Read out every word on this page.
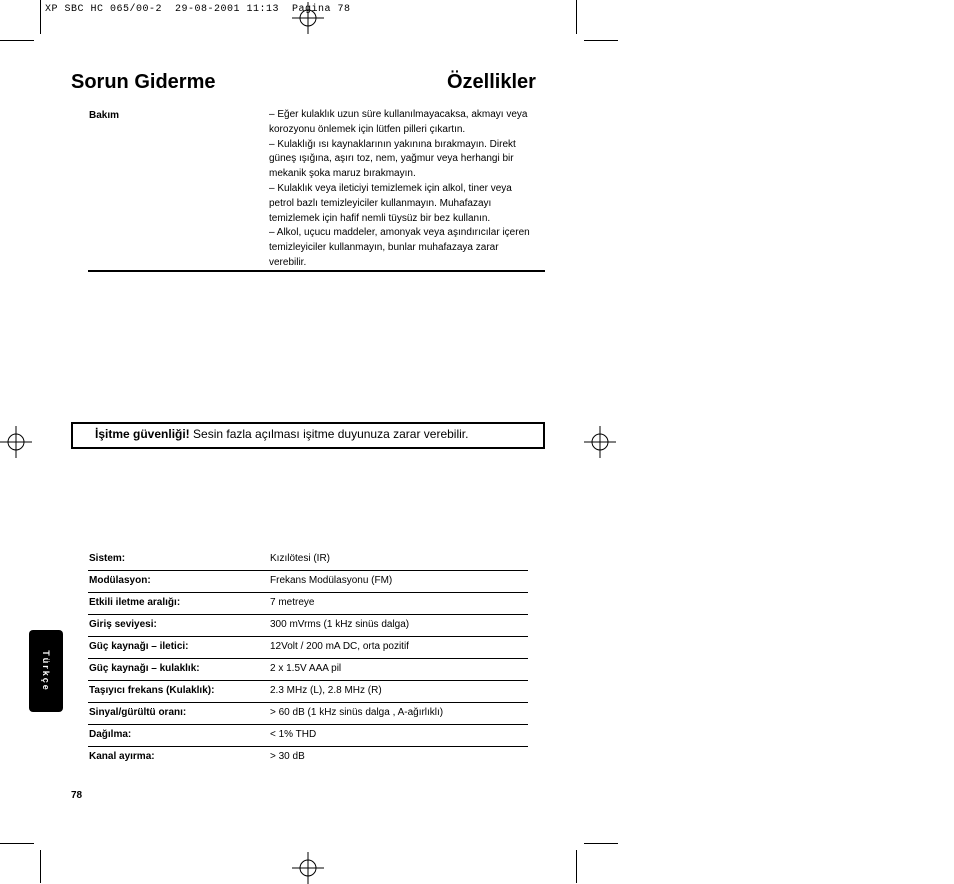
XP SBC HC 065/00-2  29-08-2001 11:13  Pagina 78
Sorun Giderme	Özellikler
Bakım	– Eğer kulaklık uzun süre kullanılmayacaksa, akmayı veya
korozyonu önlemek için lütfen pilleri çıkartın.
– Kulaklığı ısı kaynaklarının yakınına bırakmayın. Direkt
güneş ışığına, aşırı toz, nem, yağmur veya herhangi bir
mekanik şoka maruz bırakmayın.
– Kulaklık veya ileticiyi temizlemek için alkol, tiner veya
petrol bazlı temizleyiciler kullanmayın. Muhafazayı
temizlemek için hafif nemli tüysüz bir bez kullanın.
– Alkol, uçucu maddeler, amonyak veya aşındırıcılar içeren
temizleyiciler kullanmayın, bunlar muhafazaya zarar
verebilir.
İşitme güvenliği! Sesin fazla açılması işitme duyunuza zarar verebilir.
Sistem:	Kızılötesi (IR)
Modülasyon:	Frekans Modülasyonu (FM)
Etkili iletme aralığı:	7 metreye
Giriş seviyesi:	300 mVrms (1 kHz sinüs dalga)
Güç kaynağı – iletici:	12Volt / 200 mA DC, orta pozitif
Güç kaynağı – kulaklık:	2 x 1.5V AAA pil
Taşıyıcı frekans (Kulaklık):	2.3 MHz (L), 2.8 MHz (R)
Sinyal/gürültü oranı:	> 60 dB (1 kHz sinüs dalga , A-ağırlıklı)
Dağılma:	< 1% THD
Kanal ayırma:	> 30 dB
Türkçe
78
